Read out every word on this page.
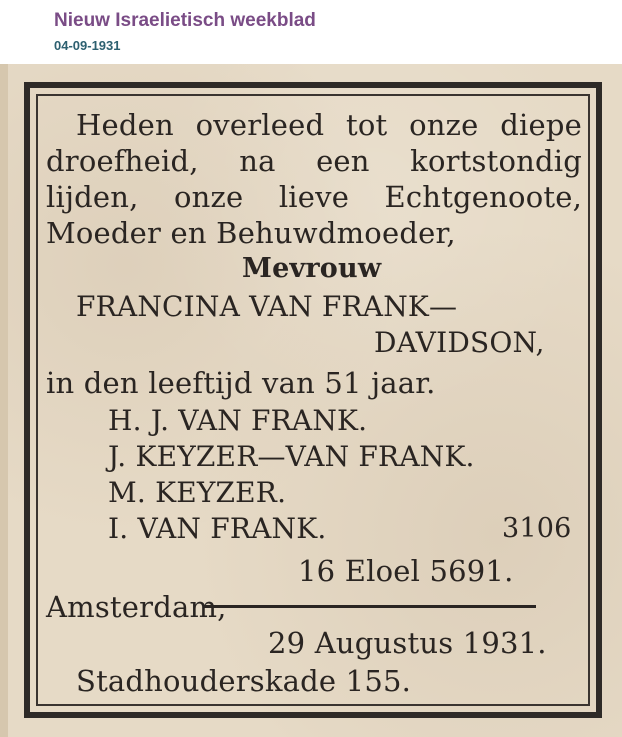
Nieuw Israelietisch weekblad
04-09-1931
Heden overleed tot onze diepe
droefheid, na een kortstondig
lijden, onze lieve Echtgenoote,
Moeder en Behuwdmoeder,
Mevrouw
FRANCINA VAN FRANK—
DAVIDSON,
in den leeftijd van 51 jaar.
H. J. VAN FRANK.
J. KEYZER—VAN FRANK.
M. KEYZER.
I. VAN FRANK.	3106
16 Eloel 5691.
Amsterdam,
29 Augustus 1931.
Stadhouderskade 155.
